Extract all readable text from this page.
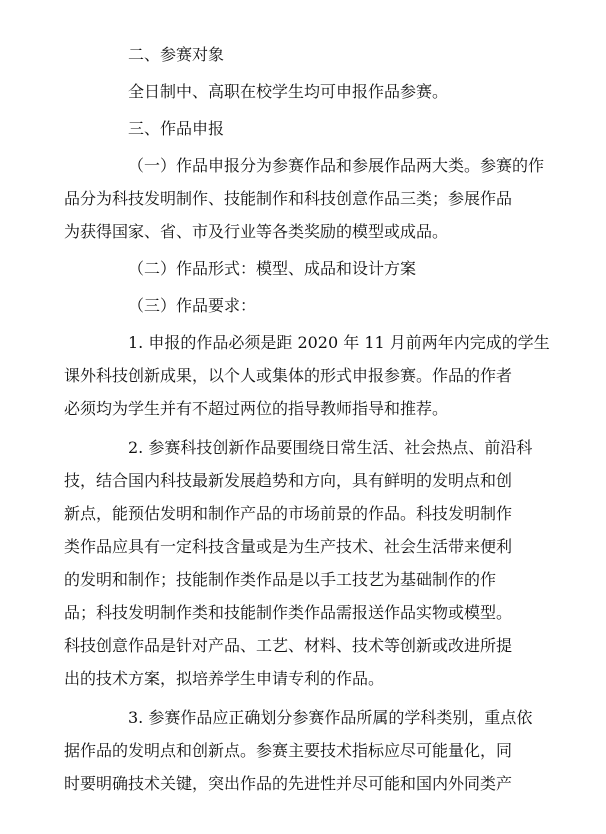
二、参赛对象

全日制中、高职在校学生均可申报作品参赛。

三、作品申报

（一）作品申报分为参赛作品和参展作品两大类。参赛的作
品分为科技发明制作、技能制作和科技创意作品三类；参展作品
为获得国家、省、市及行业等各类奖励的模型或成品。

（二）作品形式：模型、成品和设计方案

（三）作品要求：

1. 申报的作品必须是距 2020 年 11 月前两年内完成的学生
课外科技创新成果，以个人或集体的形式申报参赛。作品的作者
必须均为学生并有不超过两位的指导教师指导和推荐。
2. 参赛科技创新作品要围绕日常生活、社会热点、前沿科
技，结合国内科技最新发展趋势和方向，具有鲜明的发明点和创
新点，能预估发明和制作产品的市场前景的作品。科技发明制作
类作品应具有一定科技含量或是为生产技术、社会生活带来便利
的发明和制作；技能制作类作品是以手工技艺为基础制作的作
品；科技发明制作类和技能制作类作品需报送作品实物或模型。
科技创意作品是针对产品、工艺、材料、技术等创新或改进所提
出的技术方案，拟培养学生申请专利的作品。
3. 参赛作品应正确划分参赛作品所属的学科类别，重点依
据作品的发明点和创新点。参赛主要技术指标应尽可能量化，同
时要明确技术关键，突出作品的先进性并尽可能和国内外同类产
